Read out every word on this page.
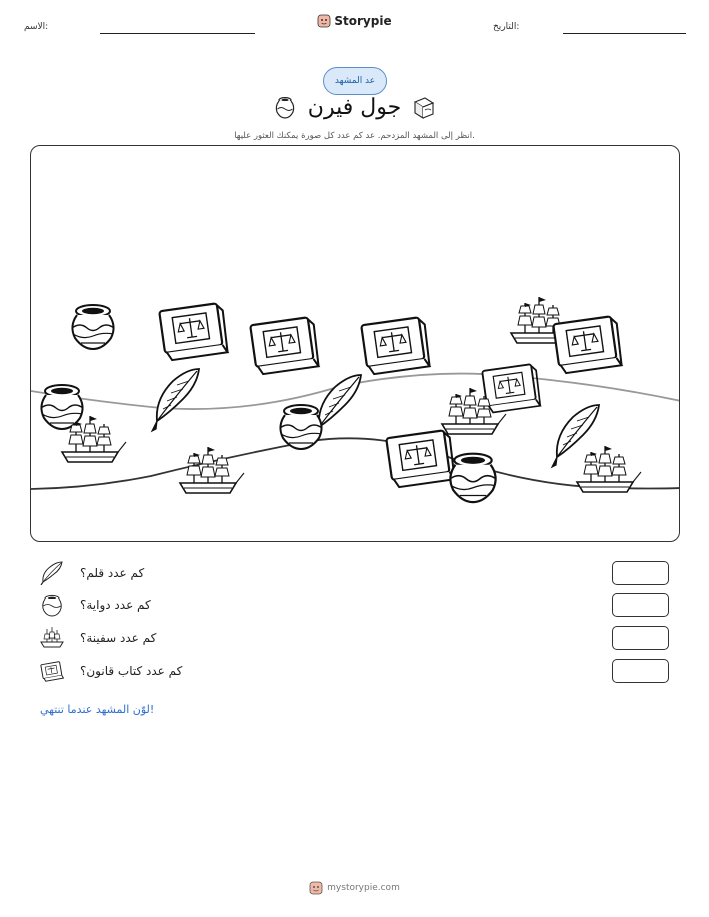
الاسم:	Storypie	التاريخ:
عد المشهد
جول فيرن
انظر إلى المشهد المزدحم. عد كم عدد كل صورة يمكنك العثور عليها.
كم عدد قلم؟
كم عدد دواية؟
كم عدد سفينة؟
كم عدد كتاب قانون؟
لوّن المشهد عندما تنتهي!
mystorypie.com
